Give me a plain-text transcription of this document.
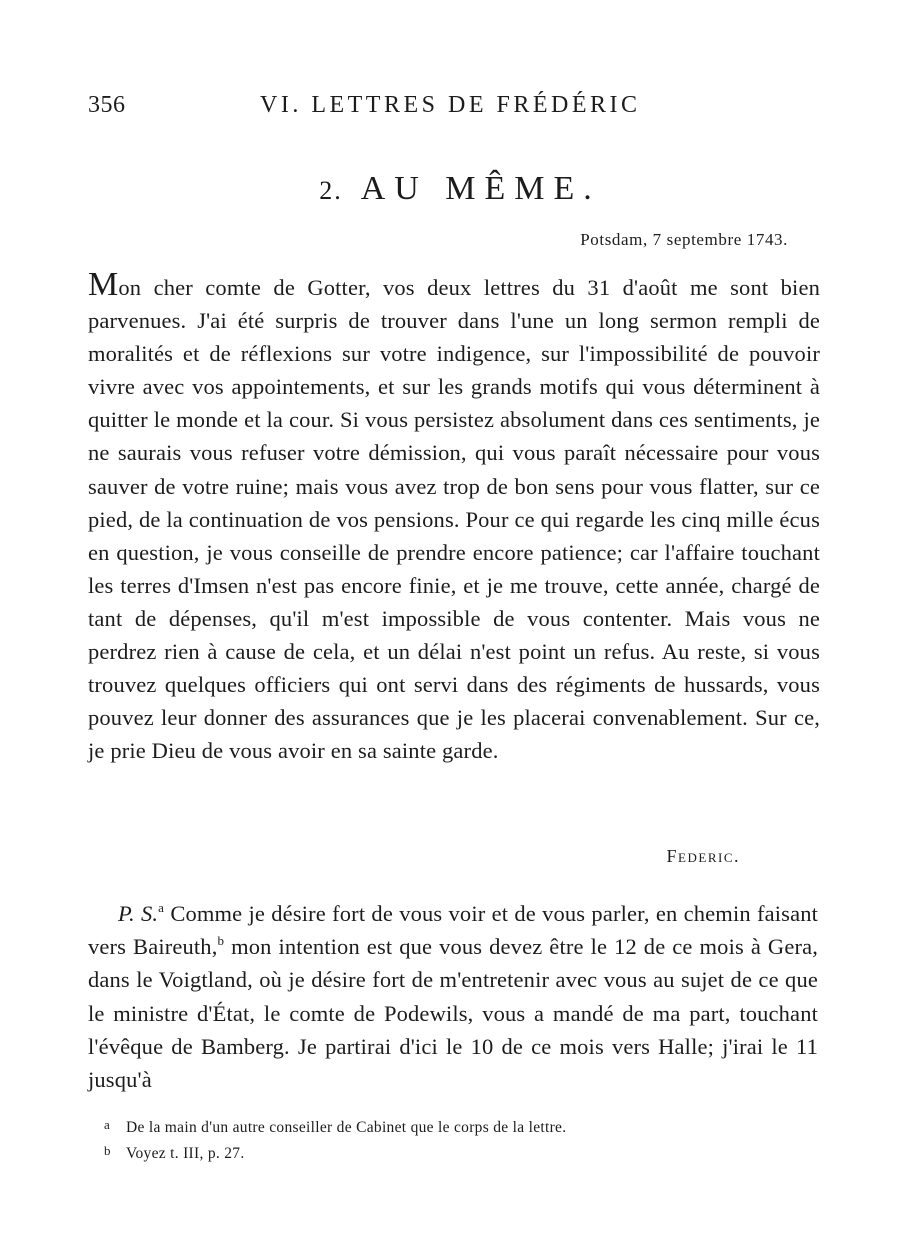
356	VI. LETTRES DE FRÉDÉRIC
2. AU MÊME.
Potsdam, 7 septembre 1743.

Mon cher comte de Gotter, vos deux lettres du 31 d'août me sont bien parvenues. J'ai été surpris de trouver dans l'une un long sermon rempli de moralités et de réflexions sur votre indigence, sur l'impossibilité de pouvoir vivre avec vos appointements, et sur les grands motifs qui vous déterminent à quitter le monde et la cour. Si vous persistez absolument dans ces sentiments, je ne saurais vous refuser votre démission, qui vous paraît nécessaire pour vous sauver de votre ruine; mais vous avez trop de bon sens pour vous flatter, sur ce pied, de la continuation de vos pensions. Pour ce qui regarde les cinq mille écus en question, je vous conseille de prendre encore patience; car l'affaire touchant les terres d'Imsen n'est pas encore finie, et je me trouve, cette année, chargé de tant de dépenses, qu'il m'est impossible de vous contenter. Mais vous ne perdrez rien à cause de cela, et un délai n'est point un refus. Au reste, si vous trouvez quelques officiers qui ont servi dans des régiments de hussards, vous pouvez leur donner des assurances que je les placerai convenablement. Sur ce, je prie Dieu de vous avoir en sa sainte garde.

Federic.

P. S.$^a$ Comme je désire fort de vous voir et de vous parler, en chemin faisant vers Baireuth,$^b$ mon intention est que vous devez être le 12 de ce mois à Gera, dans le Voigtland, où je désire fort de m'entretenir avec vous au sujet de ce que le ministre d'État, le comte de Podewils, vous a mandé de ma part, touchant l'évêque de Bamberg. Je partirai d'ici le 10 de ce mois vers Halle; j'irai le 11 jusqu'à

a De la main d'un autre conseiller de Cabinet que le corps de la lettre.
b Voyez t. III, p. 27.
